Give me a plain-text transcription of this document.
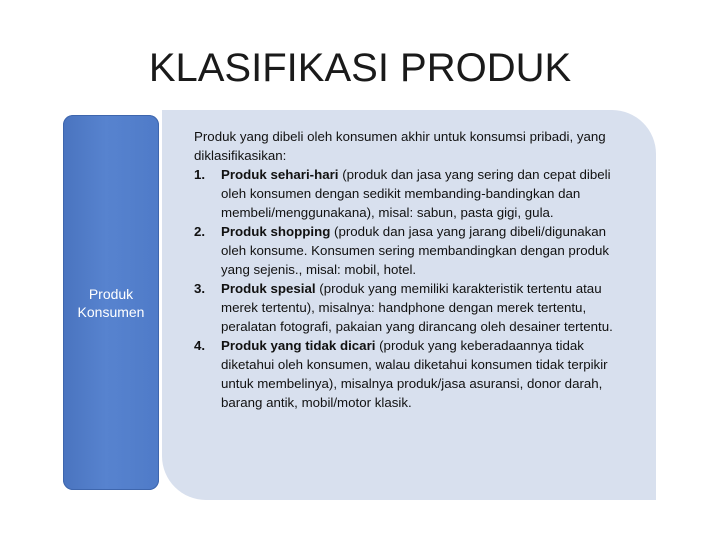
KLASIFIKASI PRODUK
Produk Konsumen

Produk yang dibeli oleh konsumen akhir untuk konsumsi pribadi, yang diklasifikasikan:

1. Produk sehari-hari (produk dan jasa yang sering dan cepat dibeli oleh konsumen dengan sedikit membanding-bandingkan dan membeli/menggunakana), misal: sabun, pasta gigi, gula.
2. Produk shopping (produk dan jasa yang jarang dibeli/digunakan oleh konsume. Konsumen sering membandingkan dengan produk yang sejenis., misal: mobil, hotel.
3. Produk spesial (produk yang memiliki karakteristik tertentu atau merek tertentu), misalnya: handphone dengan merek tertentu, peralatan fotografi, pakaian yang dirancang oleh desainer tertentu.
4. Produk yang tidak dicari (produk yang keberadaannya tidak diketahui oleh konsumen, walau diketahui konsumen tidak terpikir untuk membelinya), misalnya produk/jasa asuransi, donor darah, barang antik, mobil/motor klasik.
